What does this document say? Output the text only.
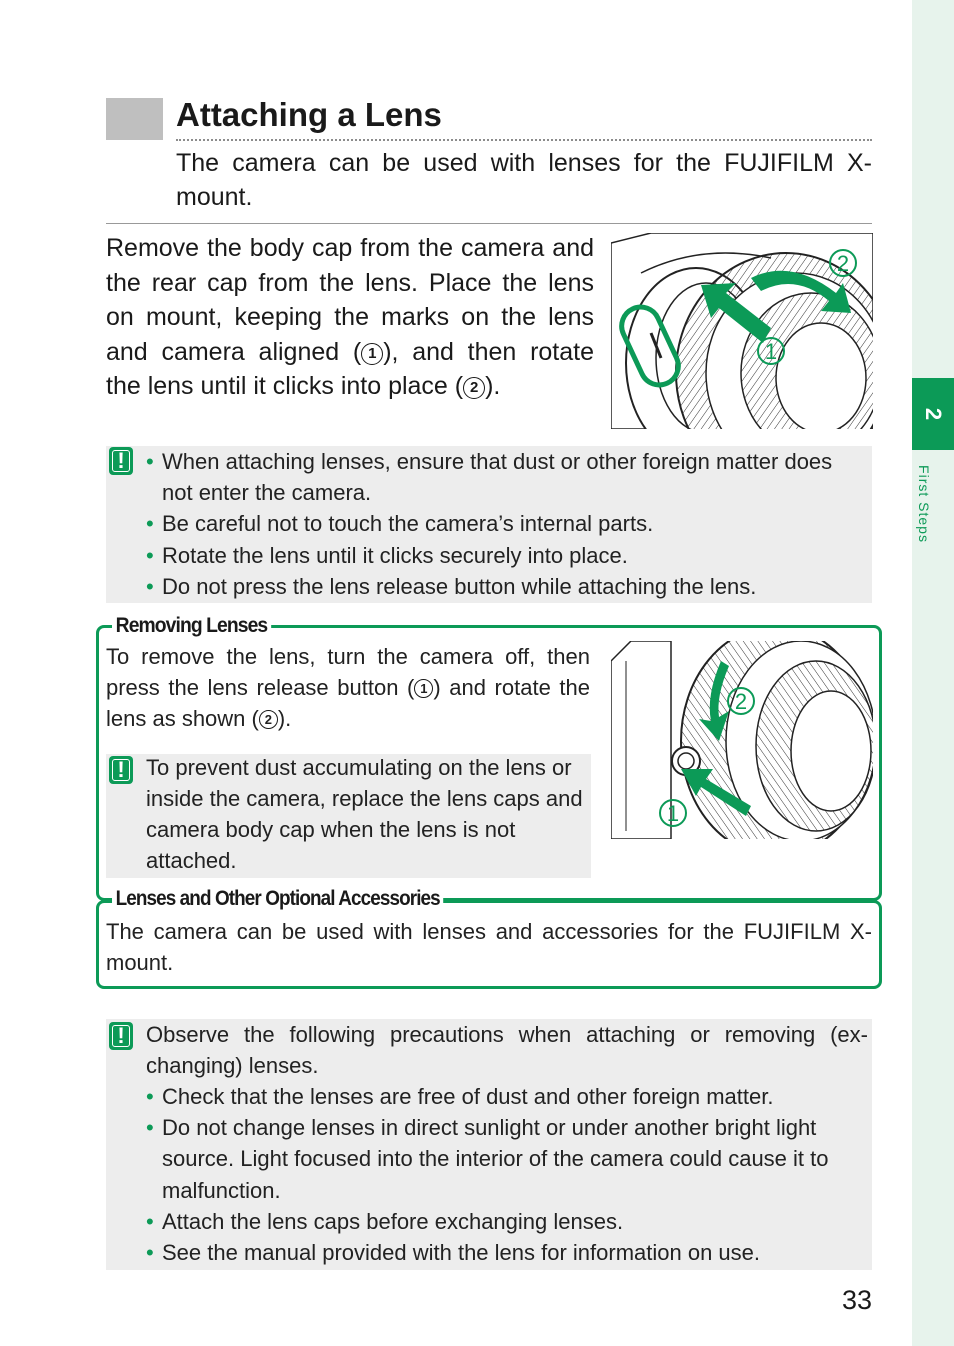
2
First Steps
Attaching a Lens

The camera can be used with lenses for the FUJIFILM X-mount.

Remove the body cap from the camera and the rear cap from the lens. Place the lens on mount, keeping the marks on the lens and camera aligned ( 1 ), and then rotate the lens until it clicks into place ( 2 ).

2
1
!
•	When attaching lenses, ensure that dust or other foreign matter does not enter the camera.
• Be careful not to touch the camera’s internal parts.
• Rotate the lens until it clicks securely into place.
• Do not press the lens release button while attaching the lens.
Removing Lenses

To remove the lens, turn the camera off, then press the lens release button ( 1 ) and rotate the lens as shown ( 2 ).

! To prevent dust accumulating on the lens or inside the camera, replace the lens caps and camera body cap when the lens is not attached.

2
1
Lenses and Other Optional Accessories

The camera can be used with lenses and accessories for the FUJIFILM X-mount.

! Observe the following precautions when attaching or removing (exchanging) lenses.

• Check that the lenses are free of dust and other foreign matter.
• Do not change lenses in direct sunlight or under another bright light source. Light focused into the interior of the camera could cause it to malfunction.
• Attach the lens caps before exchanging lenses.
• See the manual provided with the lens for information on use.
33
